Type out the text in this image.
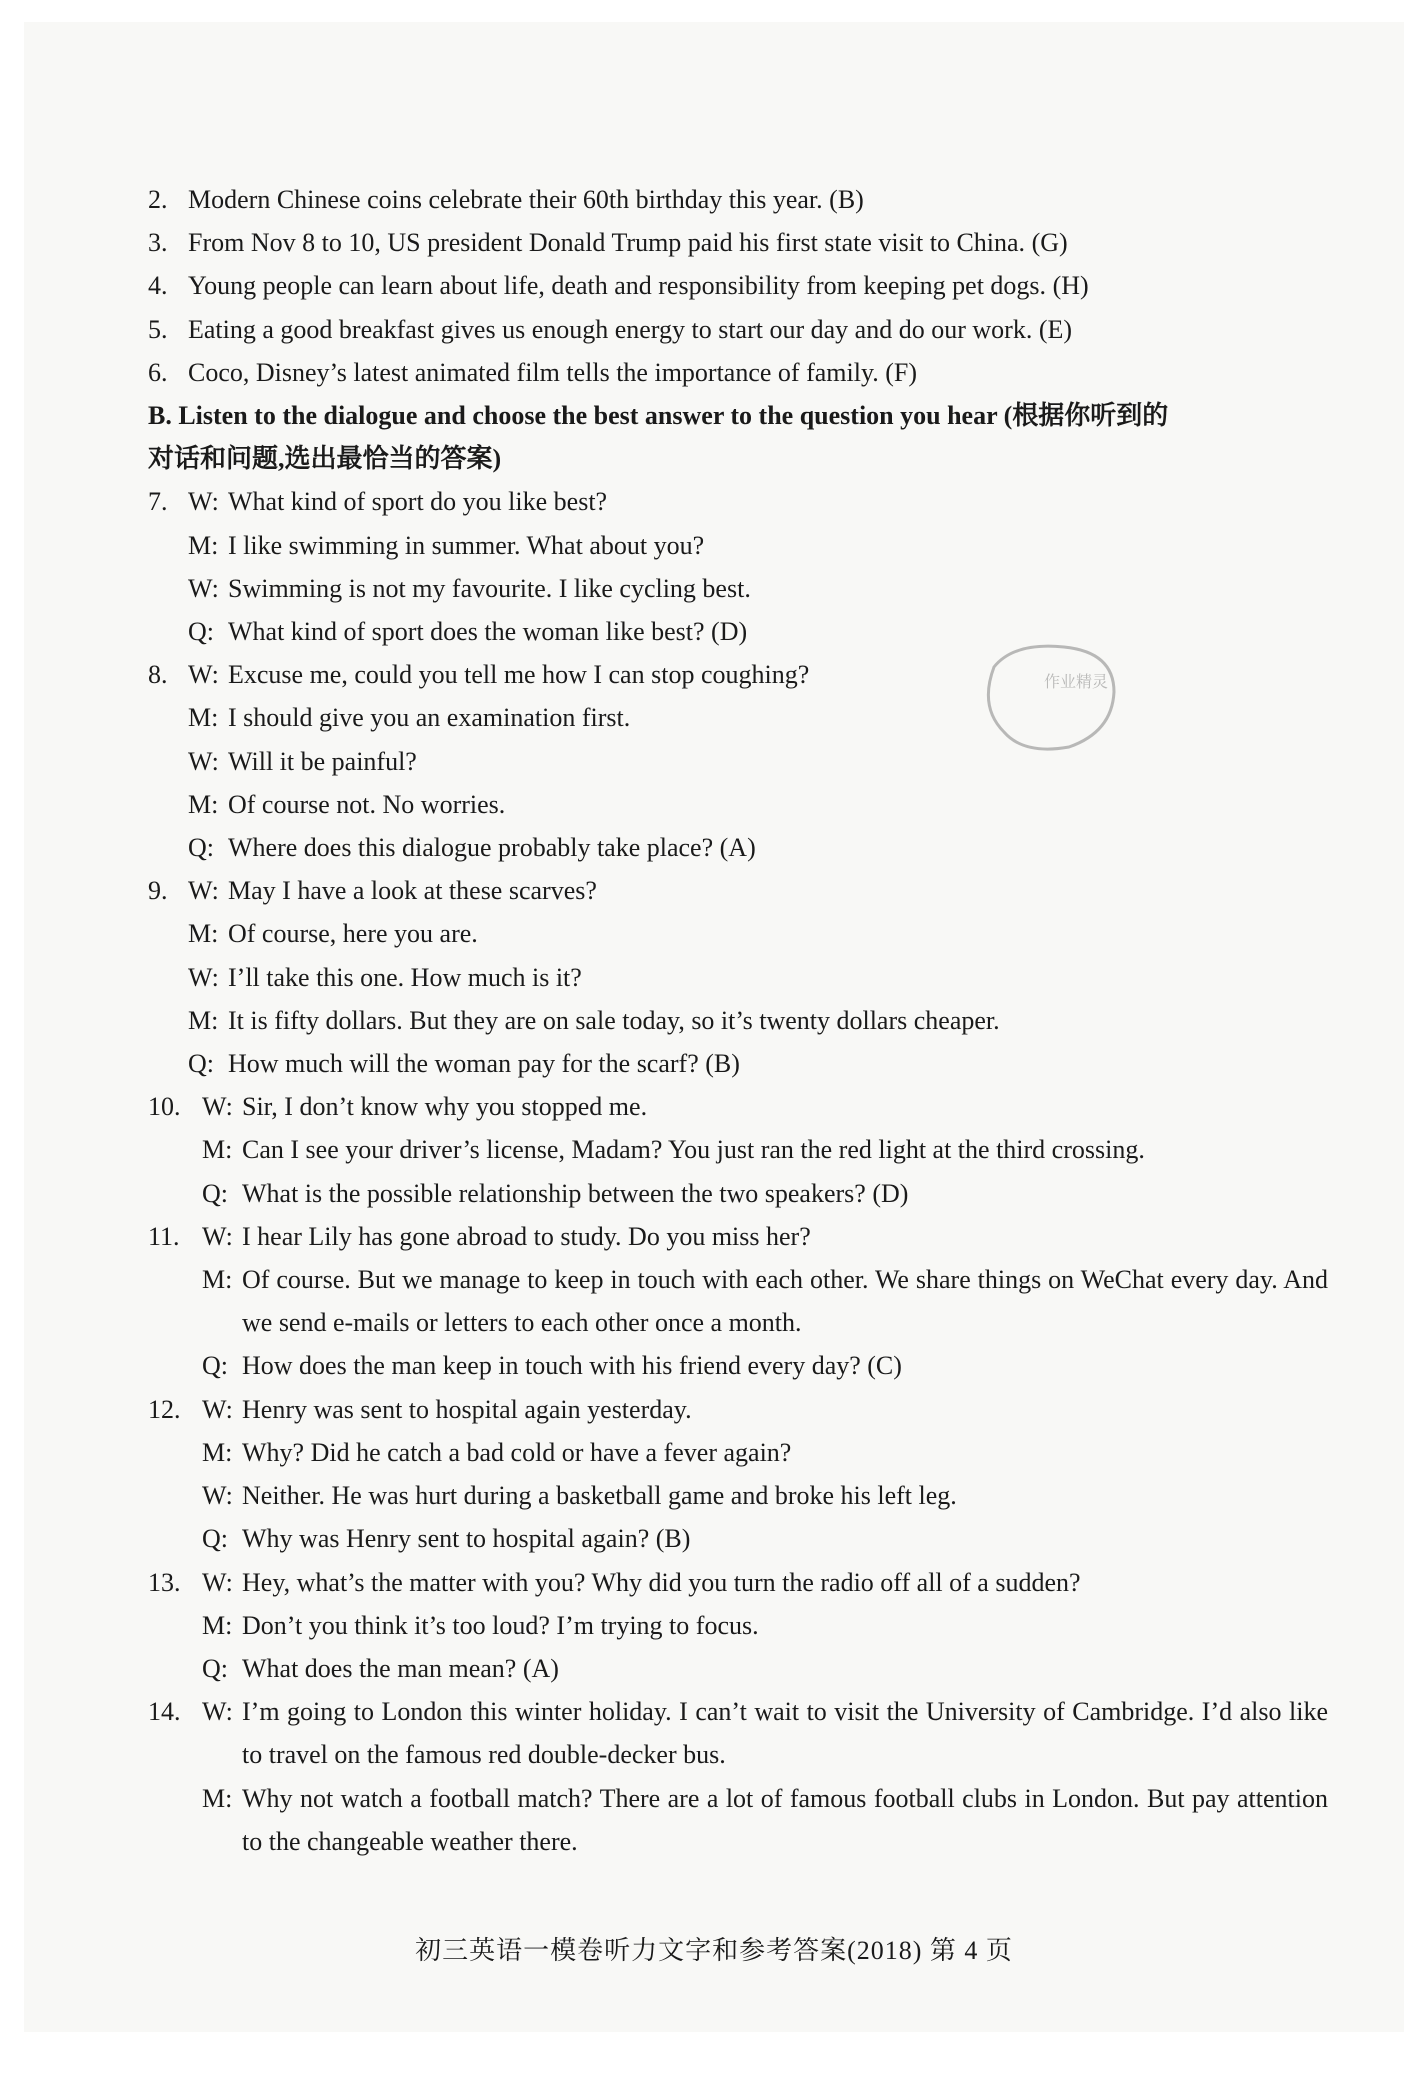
2. Modern Chinese coins celebrate their 60th birthday this year. (B)
3. From Nov 8 to 10, US president Donald Trump paid his first state visit to China. (G)
4. Young people can learn about life, death and responsibility from keeping pet dogs. (H)
5. Eating a good breakfast gives us enough energy to start our day and do our work. (E)
6. Coco, Disney’s latest animated film tells the importance of family. (F)
B. Listen to the dialogue and choose the best answer to the question you hear (根据你听到的
对话和问题,选出最恰当的答案)
7. W: What kind of sport do you like best?
M: I like swimming in summer. What about you?
W: Swimming is not my favourite. I like cycling best.
Q: What kind of sport does the woman like best? (D)
8. W: Excuse me, could you tell me how I can stop coughing?
M: I should give you an examination first.
W: Will it be painful?
M: Of course not. No worries.
Q: Where does this dialogue probably take place? (A)
9. W: May I have a look at these scarves?
M: Of course, here you are.
W: I’ll take this one. How much is it?
M: It is fifty dollars. But they are on sale today, so it’s twenty dollars cheaper.
Q: How much will the woman pay for the scarf? (B)
10. W: Sir, I don’t know why you stopped me.
M: Can I see your driver’s license, Madam? You just ran the red light at the third crossing.
Q: What is the possible relationship between the two speakers? (D)
11. W: I hear Lily has gone abroad to study. Do you miss her?
M: Of course. But we manage to keep in touch with each other. We share things on WeChat every day. And we send e-mails or letters to each other once a month.
Q: How does the man keep in touch with his friend every day? (C)
12. W: Henry was sent to hospital again yesterday.
M: Why? Did he catch a bad cold or have a fever again?
W: Neither. He was hurt during a basketball game and broke his left leg.
Q: Why was Henry sent to hospital again? (B)
13. W: Hey, what’s the matter with you? Why did you turn the radio off all of a sudden?
M: Don’t you think it’s too loud? I’m trying to focus.
Q: What does the man mean? (A)
14. W: I’m going to London this winter holiday. I can’t wait to visit the University of Cambridge. I’d also like to travel on the famous red double-decker bus.
M: Why not watch a football match? There are a lot of famous football clubs in London. But pay attention to the changeable weather there.
作业精灵
初三英语一模卷听力文字和参考答案(2018) 第 4 页
